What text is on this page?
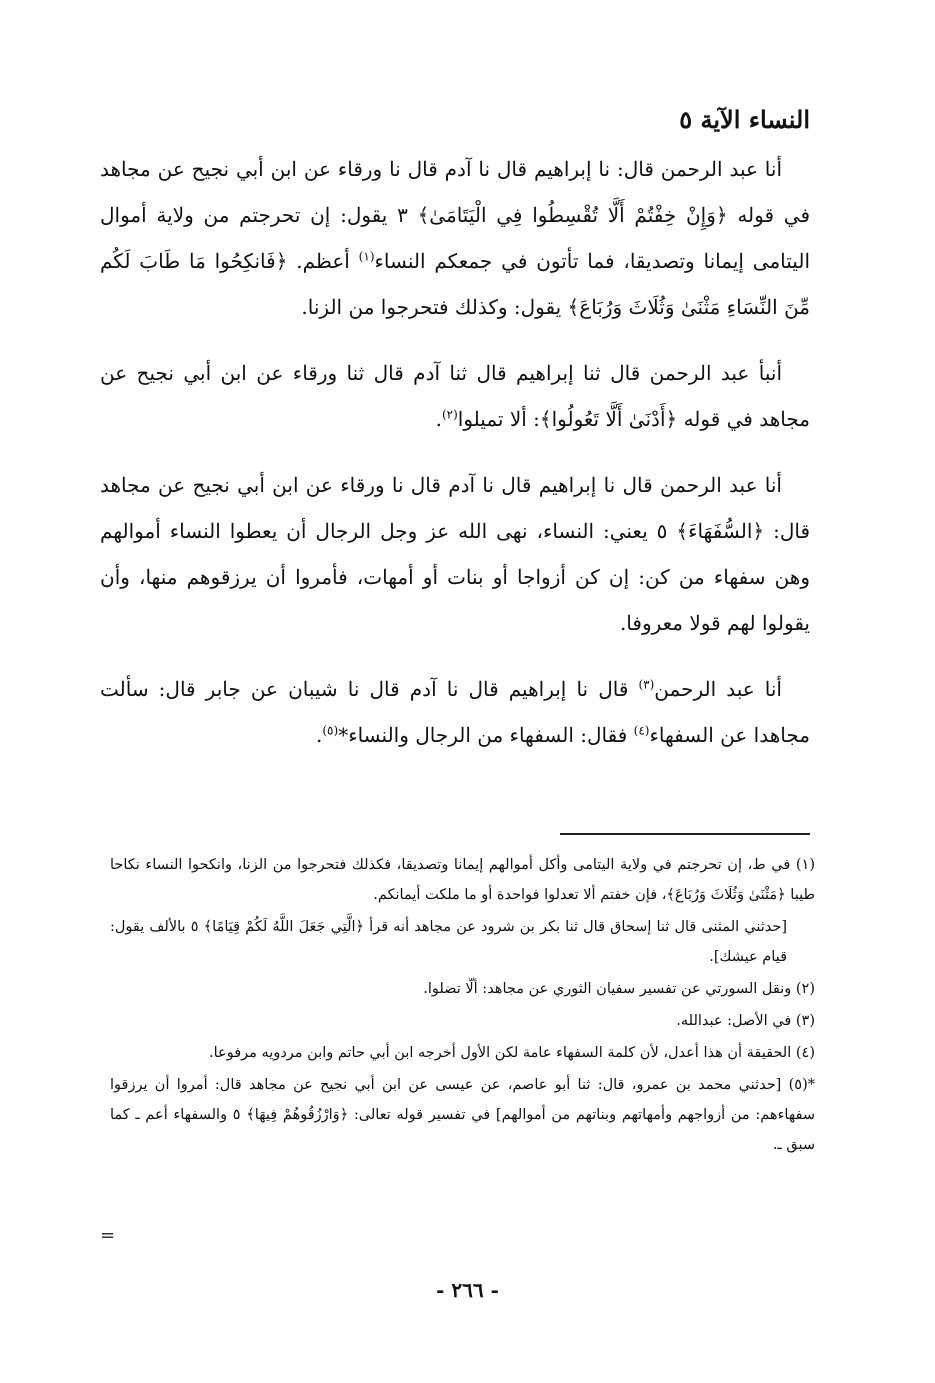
النساء الآية ٥

أنا عبد الرحمن قال: نا إبراهيم قال نا آدم قال نا ورقاء عن ابن أبي نجيح عن مجاهد في قوله ﴿وَإِنْ خِفْتُمْ أَلَّا تُقْسِطُوا فِي الْيَتَامَىٰ﴾ ٣ يقول: إن تحرجتم من ولاية أموال اليتامى إيمانا وتصديقا، فما تأتون في جمعكم النساء$^{(١)}$ أعظم. ﴿فَانكِحُوا مَا طَابَ لَكُم مِّنَ النِّسَاءِ مَثْنَىٰ وَثُلَاثَ وَرُبَاعَ﴾ يقول: وكذلك فتحرجوا من الزنا.

أنبأ عبد الرحمن قال ثنا إبراهيم قال ثنا آدم قال ثنا ورقاء عن ابن أبي نجيح عن مجاهد في قوله ﴿أَدْنَىٰ أَلَّا تَعُولُوا﴾: ألا تميلوا$^{(٢)}$.

أنا عبد الرحمن قال نا إبراهيم قال نا آدم قال نا ورقاء عن ابن أبي نجيح عن مجاهد قال: ﴿السُّفَهَاءَ﴾ ٥ يعني: النساء، نهى الله عز وجل الرجال أن يعطوا النساء أموالهم وهن سفهاء من كن: إن كن أزواجا أو بنات أو أمهات، فأمروا أن يرزقوهم منها، وأن يقولوا لهم قولا معروفا.

أنا عبد الرحمن$^{(٣)}$ قال نا إبراهيم قال نا آدم قال نا شيبان عن جابر قال: سألت مجاهدا عن السفهاء$^{(٤)}$ فقال: السفهاء من الرجال والنساء*$^{(٥)}$.

(١) في ط، إن تحرجتم في ولاية اليتامى وأكل أموالهم إيمانا وتصديقا، فكذلك فتحرجوا من الزنا، وانكحوا النساء نكاحا طيبا ﴿مَثْنَىٰ وَثُلَاثَ وَرُبَاعَ﴾، فإن خفتم ألا تعدلوا فواحدة أو ما ملكت أيمانكم.

[حدثني المثنى قال ثنا إسحاق قال ثنا بكر بن شرود عن مجاهد أنه قرأ ﴿الَّتِي جَعَلَ اللَّهُ لَكُمْ قِيَامًا﴾ ٥ بالألف يقول: قيام عيشك].

(٢) ونقل السورتي عن تفسير سفيان الثوري عن مجاهد: ألّا تضلوا.

(٣) في الأصل: عبدالله.

(٤) الحقيقة أن هذا أعدل، لأن كلمة السفهاء عامة لكن الأول أخرجه ابن أبي حاتم وابن مردويه مرفوعا.

*(٥) [حدثني محمد بن عمرو، قال: ثنا أبو عاصم، عن عيسى عن ابن أبي نجيح عن مجاهد قال: أمروا أن يرزقوا سفهاءهم: من أزواجهم وأمهاتهم وبناتهم من أموالهم] في تفسير قوله تعالى: ﴿وَارْزُقُوهُمْ فِيهَا﴾ ٥ والسفهاء أعم ـ كما سبق ـ.

=
- ٢٦٦ -
